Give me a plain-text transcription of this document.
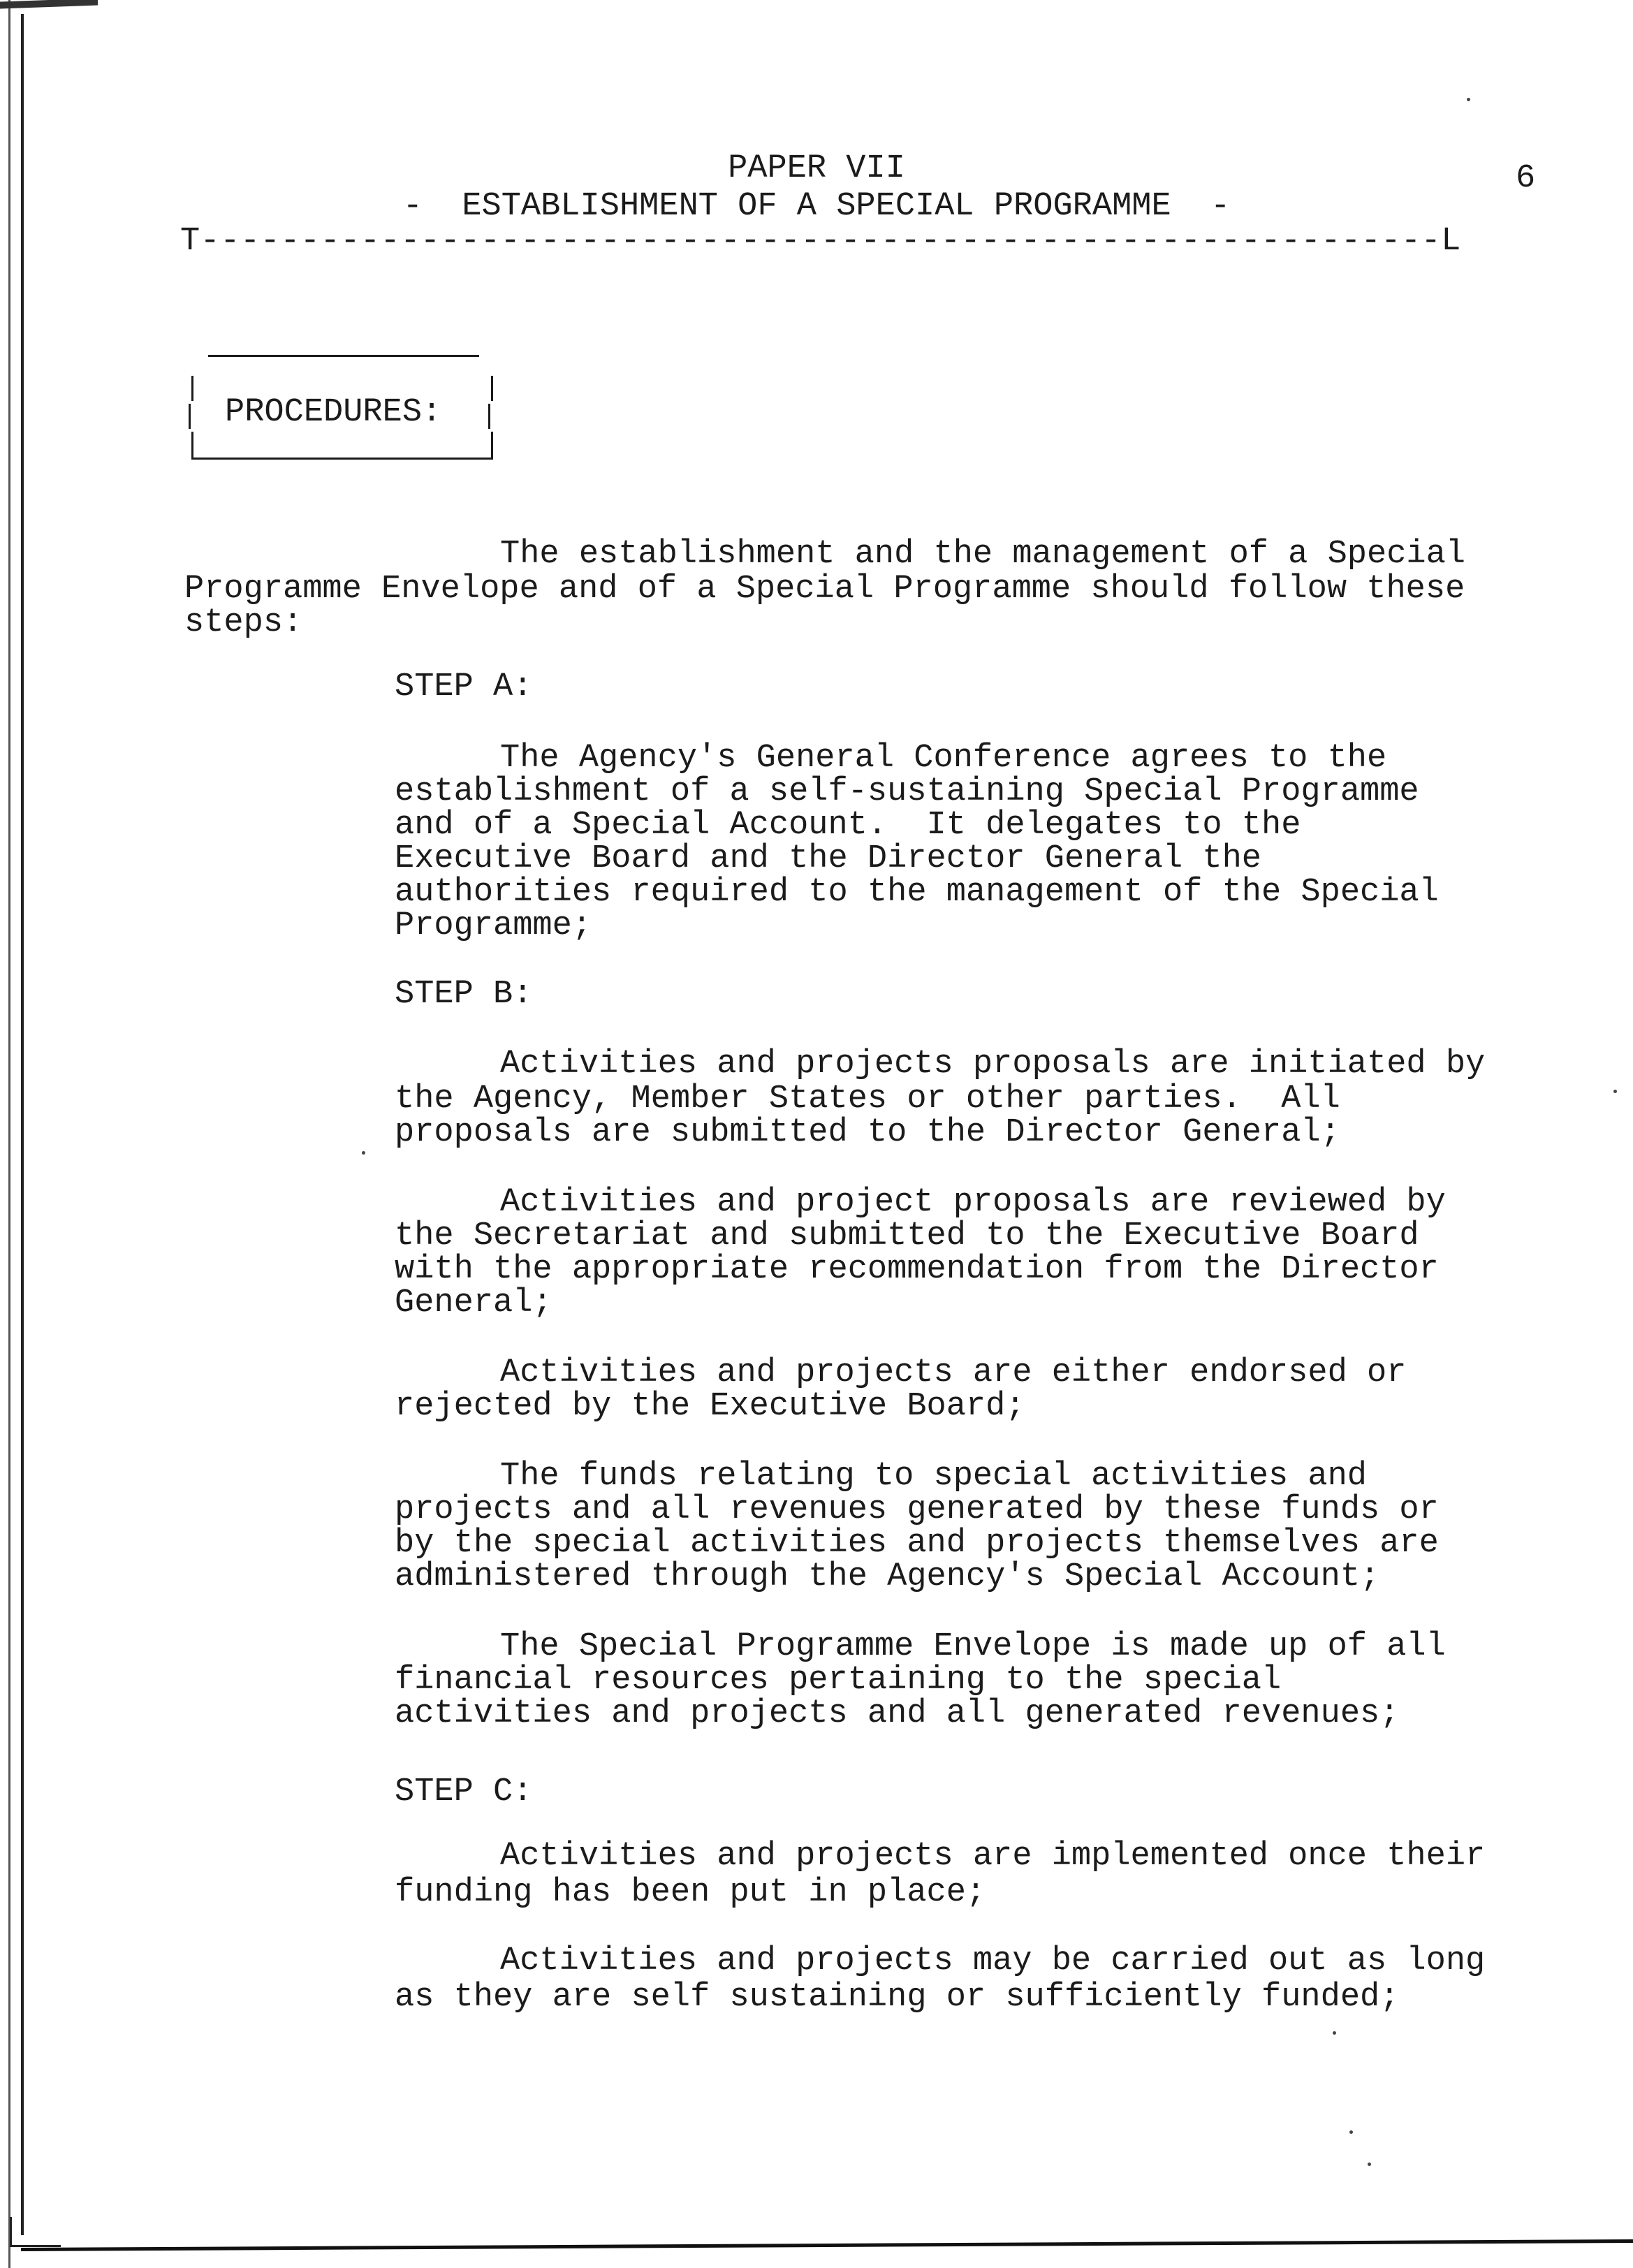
PAPER VII
-  ESTABLISHMENT OF A SPECIAL PROGRAMME  -
6
T--------------------------------------------------------------L
PROCEDURES:
The establishment and the management of a Special
Programme Envelope and of a Special Programme should follow these
steps:
STEP A:
The Agency's General Conference agrees to the
establishment of a self-sustaining Special Programme
and of a Special Account.  It delegates to the
Executive Board and the Director General the
authorities required to the management of the Special
Programme;
STEP B:
Activities and projects proposals are initiated by
the Agency, Member States or other parties.  All
proposals are submitted to the Director General;
Activities and project proposals are reviewed by
the Secretariat and submitted to the Executive Board
with the appropriate recommendation from the Director
General;
Activities and projects are either endorsed or
rejected by the Executive Board;
The funds relating to special activities and
projects and all revenues generated by these funds or
by the special activities and projects themselves are
administered through the Agency's Special Account;
The Special Programme Envelope is made up of all
financial resources pertaining to the special
activities and projects and all generated revenues;
STEP C:
Activities and projects are implemented once their
funding has been put in place;
Activities and projects may be carried out as long
as they are self sustaining or sufficiently funded;
